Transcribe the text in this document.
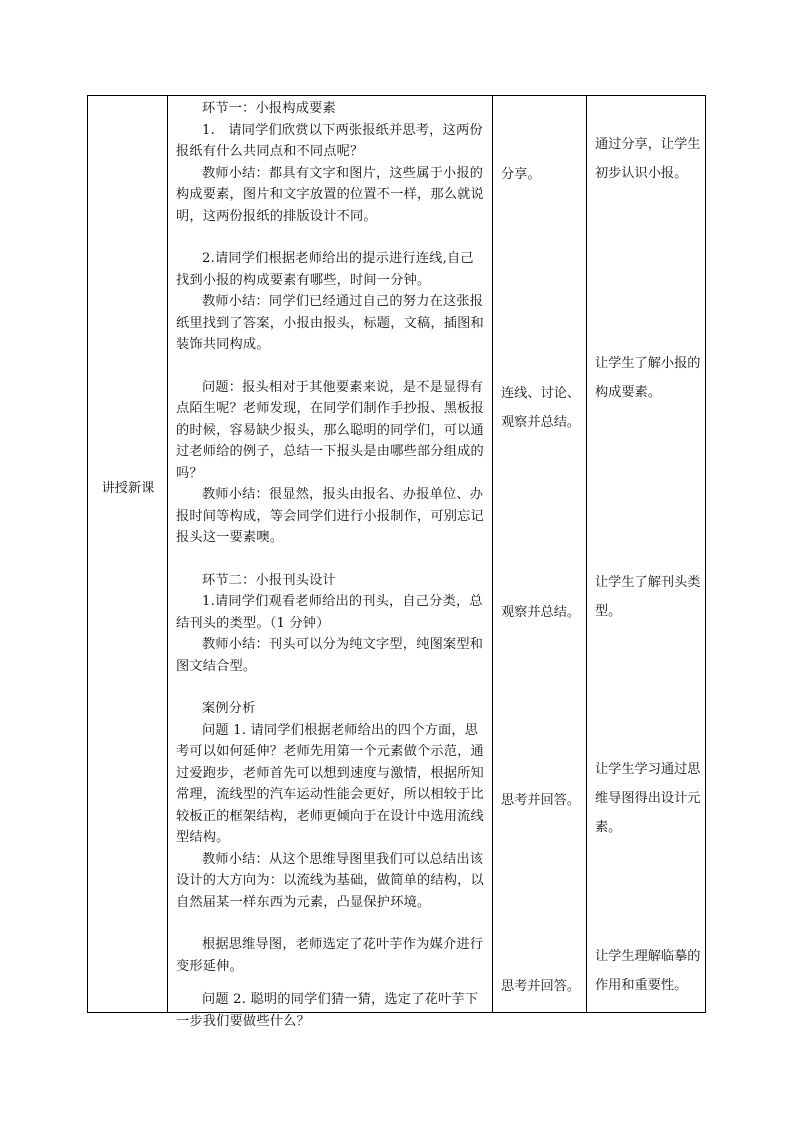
讲授新课

环节一：小报构成要素

1.　请同学们欣赏以下两张报纸并思考，这两份报纸有什么共同点和不同点呢？

教师小结：都具有文字和图片，这些属于小报的构成要素，图片和文字放置的位置不一样，那么就说明，这两份报纸的排版设计不同。

2.请同学们根据老师给出的提示进行连线,自己找到小报的构成要素有哪些，时间一分钟。

教师小结：同学们已经通过自己的努力在这张报纸里找到了答案，小报由报头，标题，文稿，插图和装饰共同构成。

问题：报头相对于其他要素来说，是不是显得有点陌生呢？老师发现，在同学们制作手抄报、黑板报的时候，容易缺少报头，那么聪明的同学们，可以通过老师给的例子，总结一下报头是由哪些部分组成的吗？

教师小结：很显然，报头由报名、办报单位、办报时间等构成，等会同学们进行小报制作，可别忘记报头这一要素噢。

环节二：小报刊头设计

1.请同学们观看老师给出的刊头，自己分类，总结刊头的类型。（1 分钟）

教师小结：刊头可以分为纯文字型，纯图案型和图文结合型。

案例分析

问题 1. 请同学们根据老师给出的四个方面，思考可以如何延伸？老师先用第一个元素做个示范，通过爱跑步，老师首先可以想到速度与激情，根据所知常理，流线型的汽车运动性能会更好，所以相较于比较板正的框架结构，老师更倾向于在设计中选用流线型结构。

教师小结：从这个思维导图里我们可以总结出该设计的大方向为：以流线为基础，做简单的结构，以自然届某一样东西为元素，凸显保护环境。

根据思维导图，老师选定了花叶芋作为媒介进行变形延伸。

问题 2. 聪明的同学们猜一猜，选定了花叶芋下一步我们要做些什么？

分享。
连线、讨论、观察并总结。
观察并总结。
思考并回答。
思考并回答。
通过分享，让学生初步认识小报。
让学生了解小报的构成要素。
让学生了解刊头类型。
让学生学习通过思维导图得出设计元素。
让学生理解临摹的作用和重要性。
